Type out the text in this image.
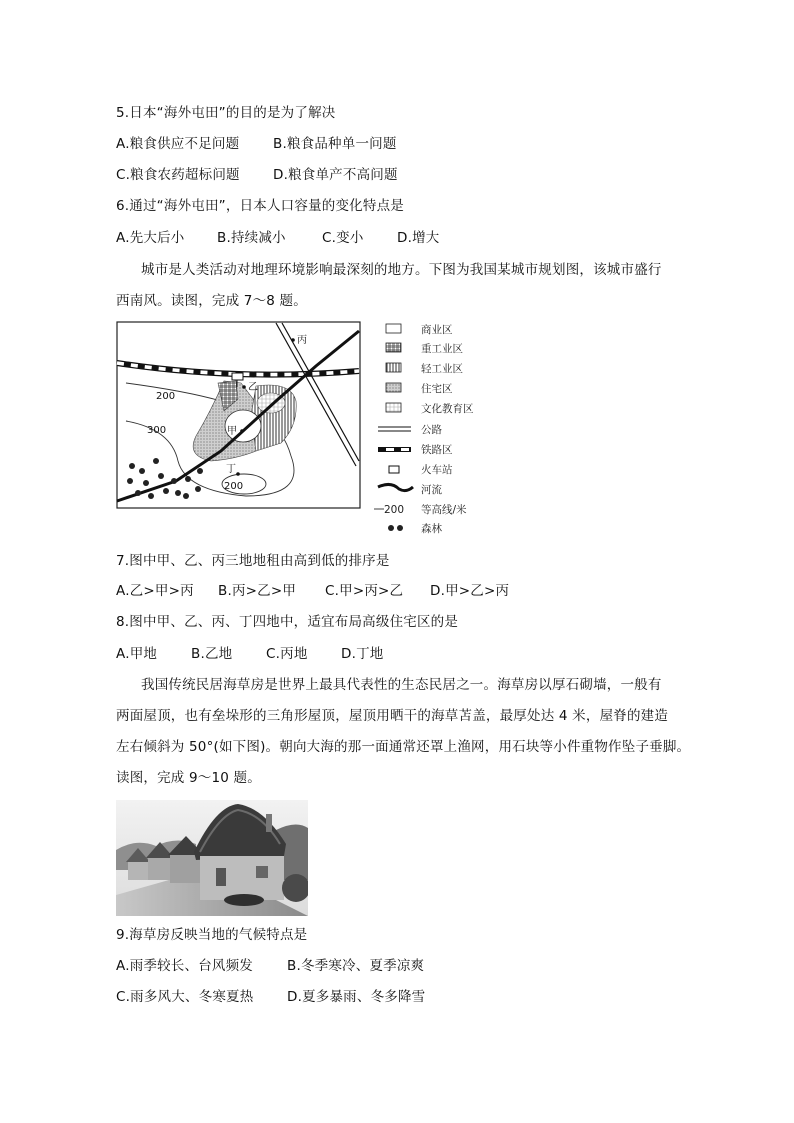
5.日本“海外屯田”的目的是为了解决
A.粮食供应不足问题 B.粮食品种单一问题
C.粮食农药超标问题 D.粮食单产不高问题
6.通过“海外屯田”，日本人口容量的变化特点是
A.先大后小 B.持续减小	C.变小 D.增大
城市是人类活动对地理环境影响最深刻的地方。下图为我国某城市规划图，该城市盛行
西南风。读图，完成 7～8 题。
丙
乙
甲
丁
200
300
200
商业区
重工业区
轻工业区
住宅区
文化教育区
公路
铁路区
火车站
河流
200 等高线/米
森林
7.图中甲、乙、丙三地地租由高到低的排序是
A.乙>甲>丙 B.丙>乙>甲 C.甲>丙>乙 D.甲>乙>丙
8.图中甲、乙、丙、丁四地中，适宜布局高级住宅区的是
A.甲地	B.乙地 C.丙地 D.丁地
我国传统民居海草房是世界上最具代表性的生态民居之一。海草房以厚石砌墙，一般有
两面屋顶，也有垒垛形的三角形屋顶，屋顶用晒干的海草苫盖，最厚处达 4 米，屋脊的建造
左右倾斜为 50°(如下图)。朝向大海的那一面通常还罩上渔网，用石块等小件重物作坠子垂脚。
读图，完成 9～10 题。
9.海草房反映当地的气候特点是
A.雨季较长、台风频发	B.冬季寒冷、夏季凉爽
C.雨多风大、冬寒夏热 D.夏多暴雨、冬多降雪
